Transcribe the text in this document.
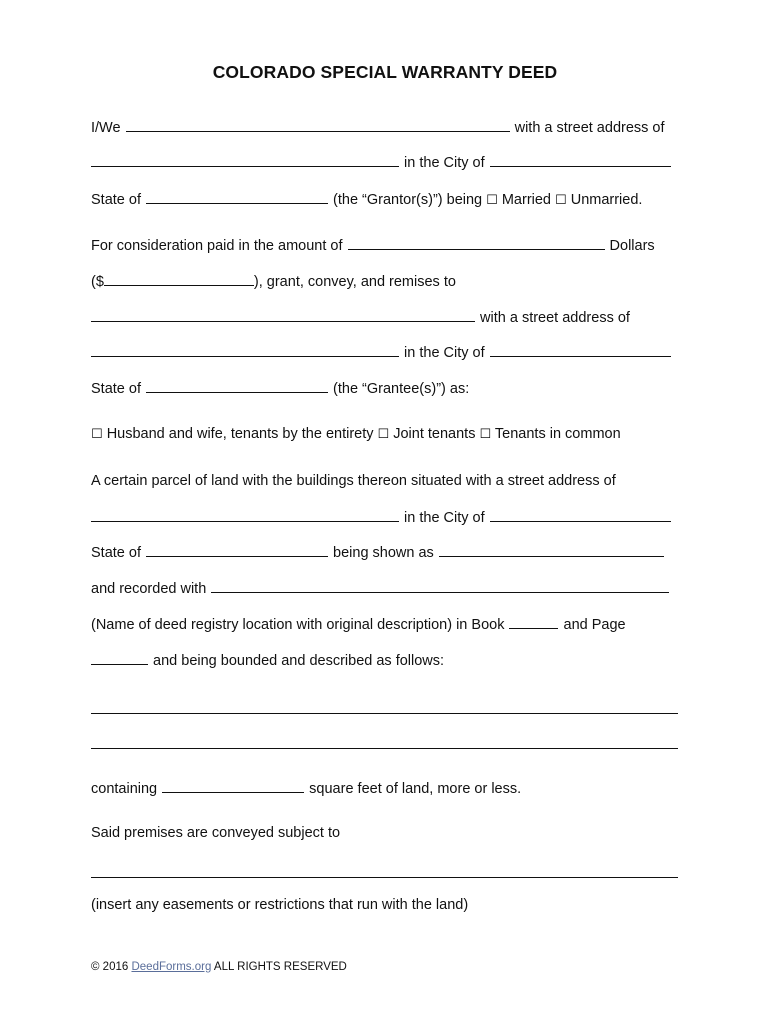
COLORADO SPECIAL WARRANTY DEED
I/We	with a street address of
in the City of
State of	(the “Grantor(s)”) being ☐ Married ☐ Unmarried.
For consideration paid in the amount of	Dollars
($	), grant, convey, and remises to
with a street address of
in the City of
State of	(the “Grantee(s)”) as:
☐ Husband and wife, tenants by the entirety ☐ Joint tenants ☐ Tenants in common
A certain parcel of land with the buildings thereon situated with a street address of
in the City of
State of	being shown as
and recorded with
(Name of deed registry location with original description) in Book	and Page
and being bounded and described as follows:
containing	square feet of land, more or less.
Said premises are conveyed subject to
(insert any easements or restrictions that run with the land)
© 2016 DeedForms.org ALL RIGHTS RESERVED
